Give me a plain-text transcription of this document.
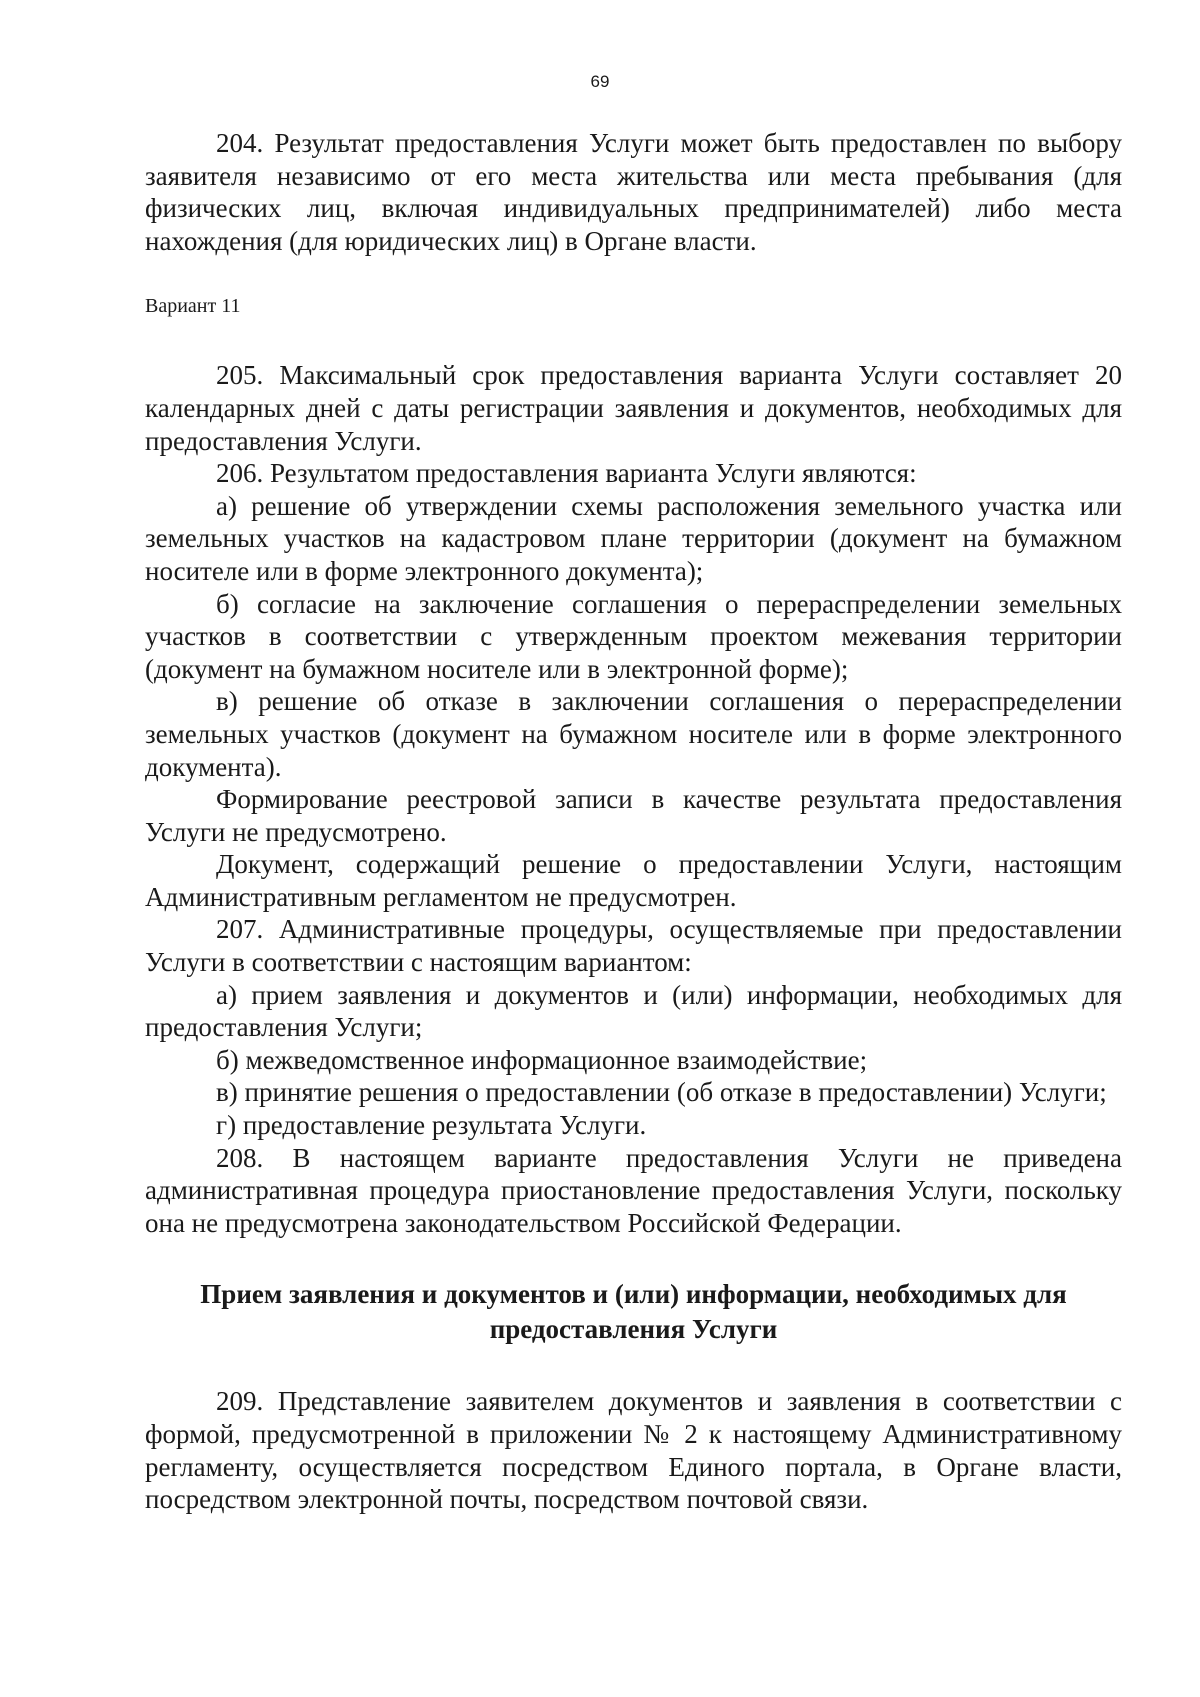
69

204. Результат предоставления Услуги может быть предоставлен по выбору заявителя независимо от его места жительства или места пребывания (для физических лиц, включая индивидуальных предпринимателей) либо места нахождения (для юридических лиц) в Органе власти.

Вариант 11

205. Максимальный срок предоставления варианта Услуги составляет 20 календарных дней с даты регистрации заявления и документов, необходимых для предоставления Услуги.

206. Результатом предоставления варианта Услуги являются:

а) решение об утверждении схемы расположения земельного участка или земельных участков на кадастровом плане территории (документ на бумажном носителе или в форме электронного документа);

б) согласие на заключение соглашения о перераспределении земельных участков в соответствии с утвержденным проектом межевания территории (документ на бумажном носителе или в электронной форме);

в) решение об отказе в заключении соглашения о перераспределении земельных участков (документ на бумажном носителе или в форме электронного документа).

Формирование реестровой записи в качестве результата предоставления Услуги не предусмотрено.

Документ, содержащий решение о предоставлении Услуги, настоящим Административным регламентом не предусмотрен.

207. Административные процедуры, осуществляемые при предоставлении Услуги в соответствии с настоящим вариантом:

а) прием заявления и документов и (или) информации, необходимых для предоставления Услуги;

б) межведомственное информационное взаимодействие;

в) принятие решения о предоставлении (об отказе в предоставлении) Услуги;

г) предоставление результата Услуги.

208. В настоящем варианте предоставления Услуги не приведена административная процедура приостановление предоставления Услуги, поскольку она не предусмотрена законодательством Российской Федерации.

Прием заявления и документов и (или) информации, необходимых для предоставления Услуги

209. Представление заявителем документов и заявления в соответствии с формой, предусмотренной в приложении № 2 к настоящему Административному регламенту, осуществляется посредством Единого портала, в Органе власти, посредством электронной почты, посредством почтовой связи.
